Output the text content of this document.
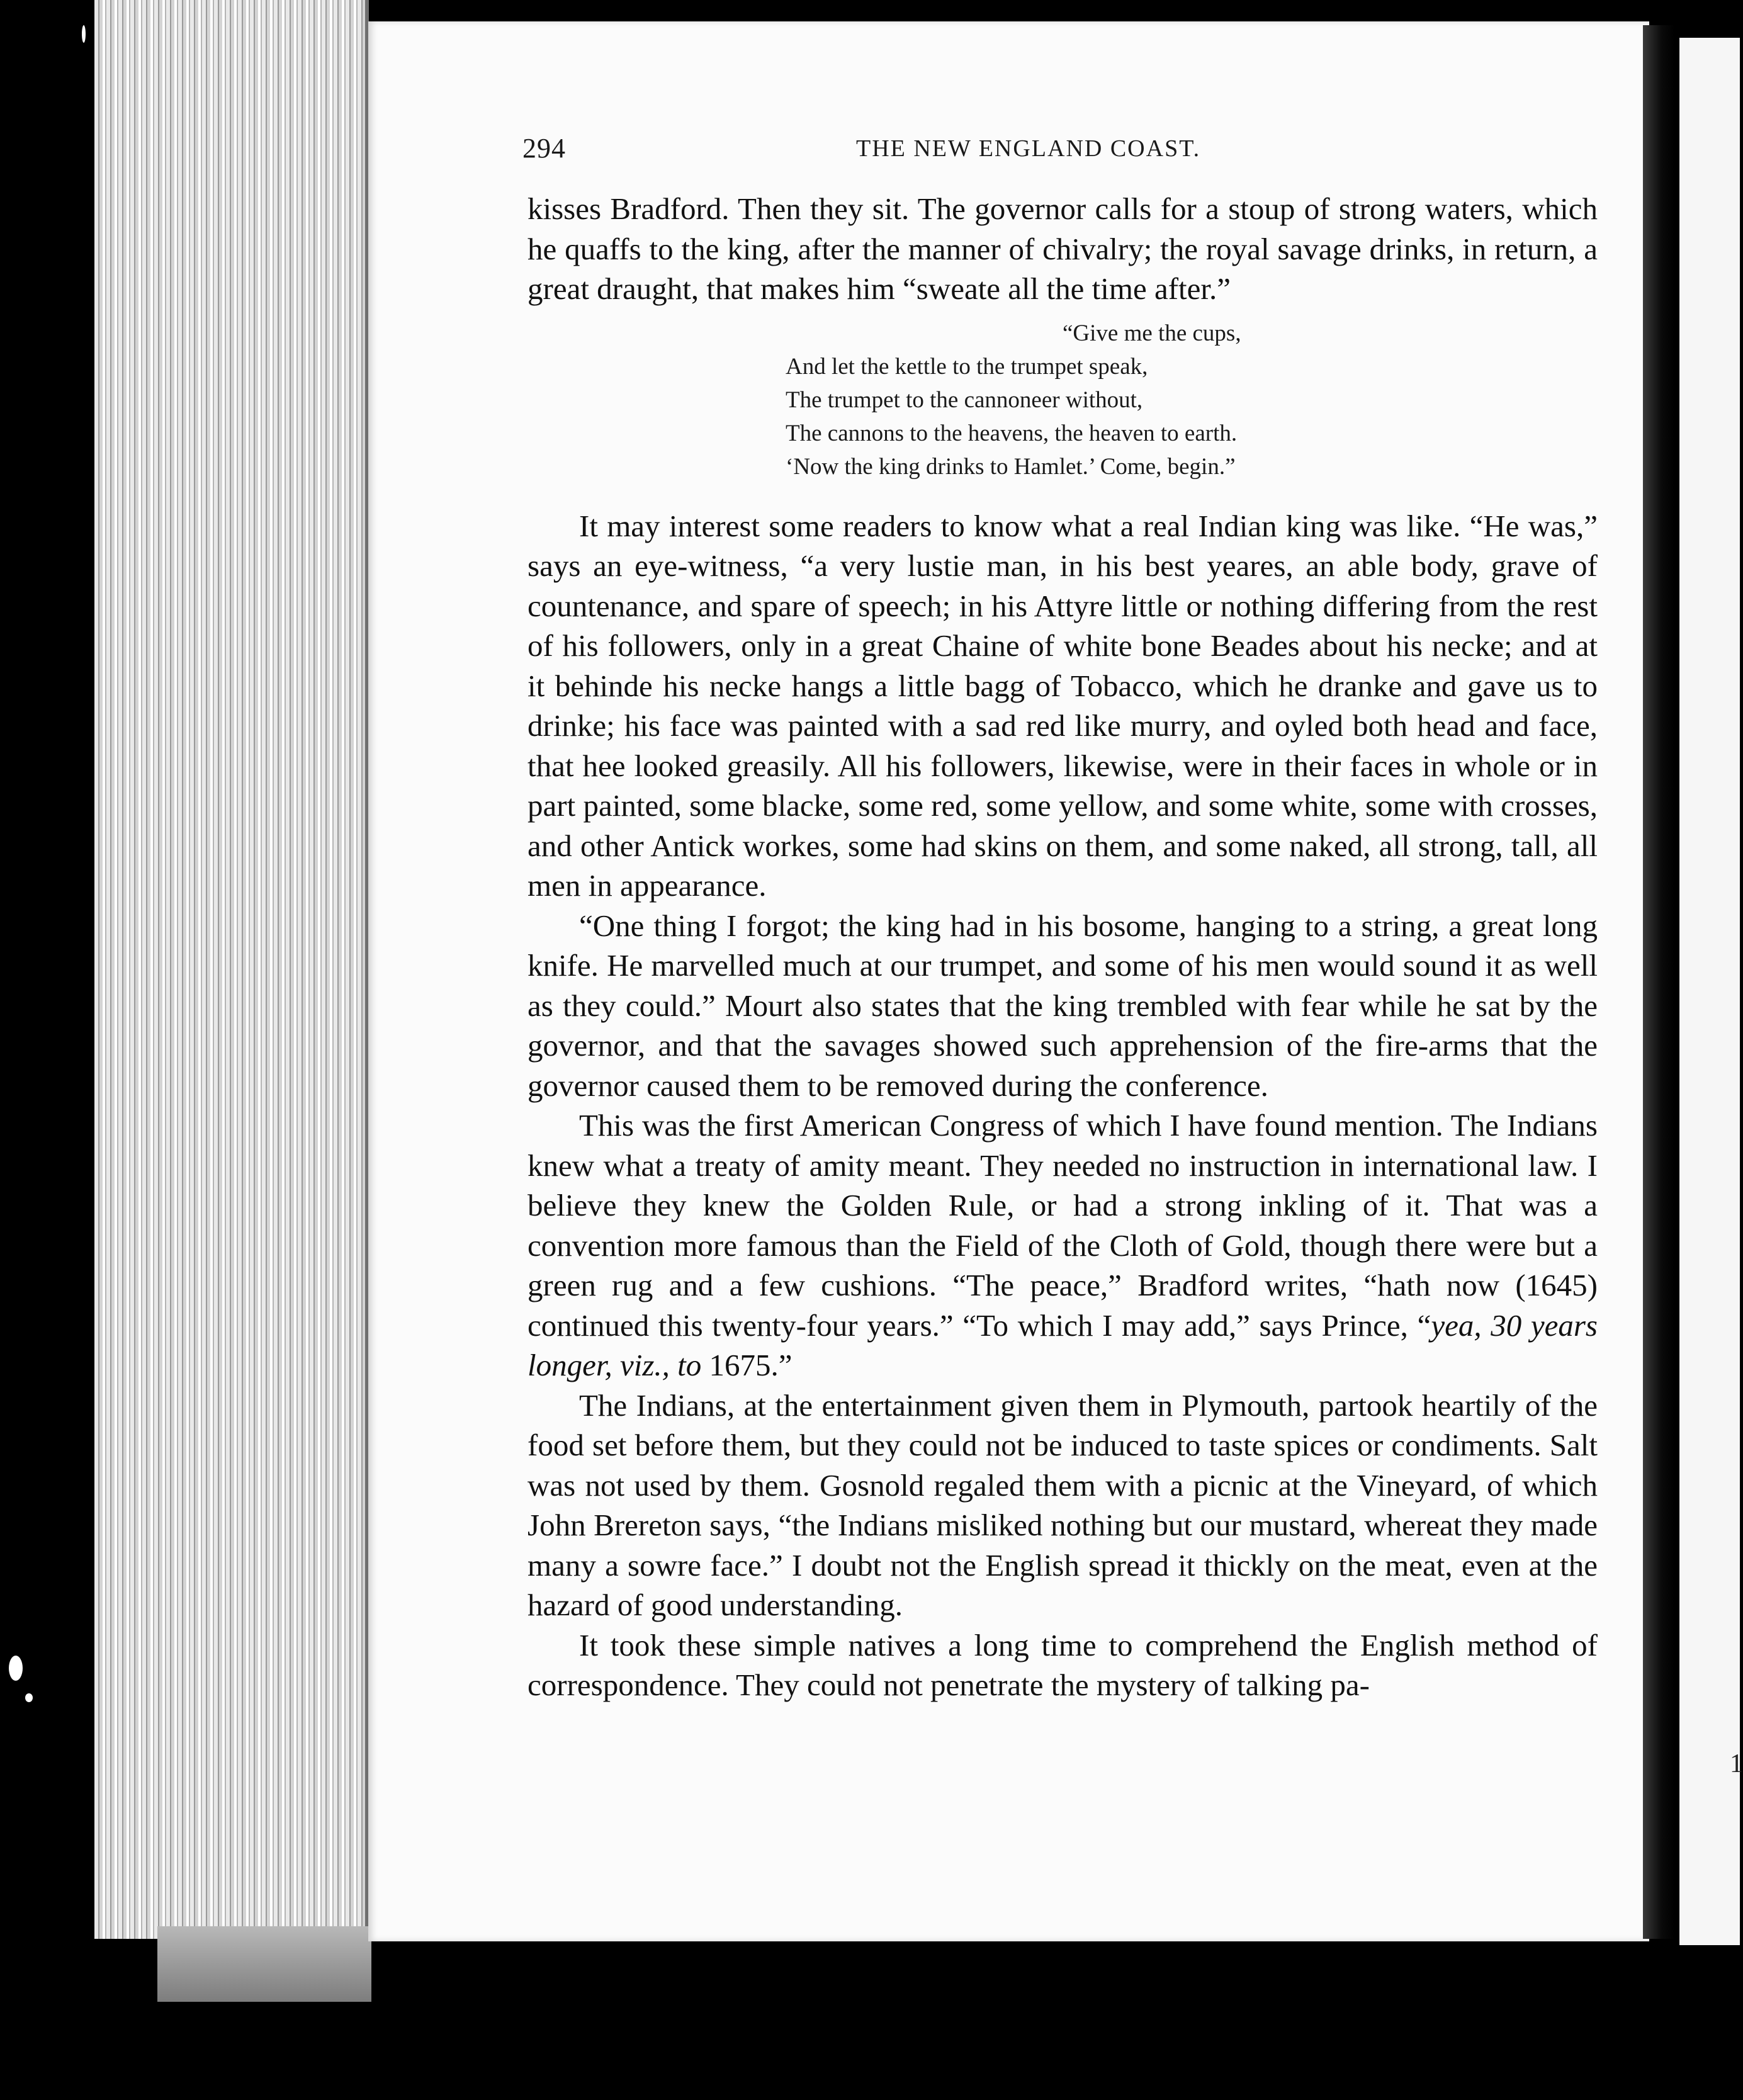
1
294	THE NEW ENGLAND COAST.

kisses Bradford. Then they sit. The governor calls for a stoup of strong waters, which he quaffs to the king, after the manner of chivalry; the royal savage drinks, in return, a great draught, that makes him “sweate all the time after.”

“Give me the cups,
And let the kettle to the trumpet speak,
The trumpet to the cannoneer without,
The cannons to the heavens, the heaven to earth.
‘Now the king drinks to Hamlet.’ Come, begin.”

It may interest some readers to know what a real Indian king was like. “He was,” says an eye-witness, “a very lustie man, in his best yeares, an able body, grave of countenance, and spare of speech; in his Attyre little or nothing differing from the rest of his followers, only in a great Chaine of white bone Beades about his necke; and at it behinde his necke hangs a little bagg of Tobacco, which he dranke and gave us to drinke; his face was painted with a sad red like murry, and oyled both head and face, that hee looked greasily. All his followers, likewise, were in their faces in whole or in part painted, some blacke, some red, some yellow, and some white, some with crosses, and other Antick workes, some had skins on them, and some naked, all strong, tall, all men in appearance.

“One thing I forgot; the king had in his bosome, hanging to a string, a great long knife. He marvelled much at our trumpet, and some of his men would sound it as well as they could.” Mourt also states that the king trembled with fear while he sat by the governor, and that the savages showed such apprehension of the fire-arms that the governor caused them to be removed during the conference.

This was the first American Congress of which I have found mention. The Indians knew what a treaty of amity meant. They needed no instruction in international law. I believe they knew the Golden Rule, or had a strong inkling of it. That was a convention more famous than the Field of the Cloth of Gold, though there were but a green rug and a few cushions. “The peace,” Bradford writes, “hath now (1645) continued this twenty-four years.” “To which I may add,” says Prince, “yea, 30 years longer, viz., to 1675.”

The Indians, at the entertainment given them in Plymouth, partook heartily of the food set before them, but they could not be induced to taste spices or condiments. Salt was not used by them. Gosnold regaled them with a picnic at the Vineyard, of which John Brereton says, “the Indians misliked nothing but our mustard, whereat they made many a sowre face.” I doubt not the English spread it thickly on the meat, even at the hazard of good understanding.

It took these simple natives a long time to comprehend the English method of correspondence. They could not penetrate the mystery of talking pa-
